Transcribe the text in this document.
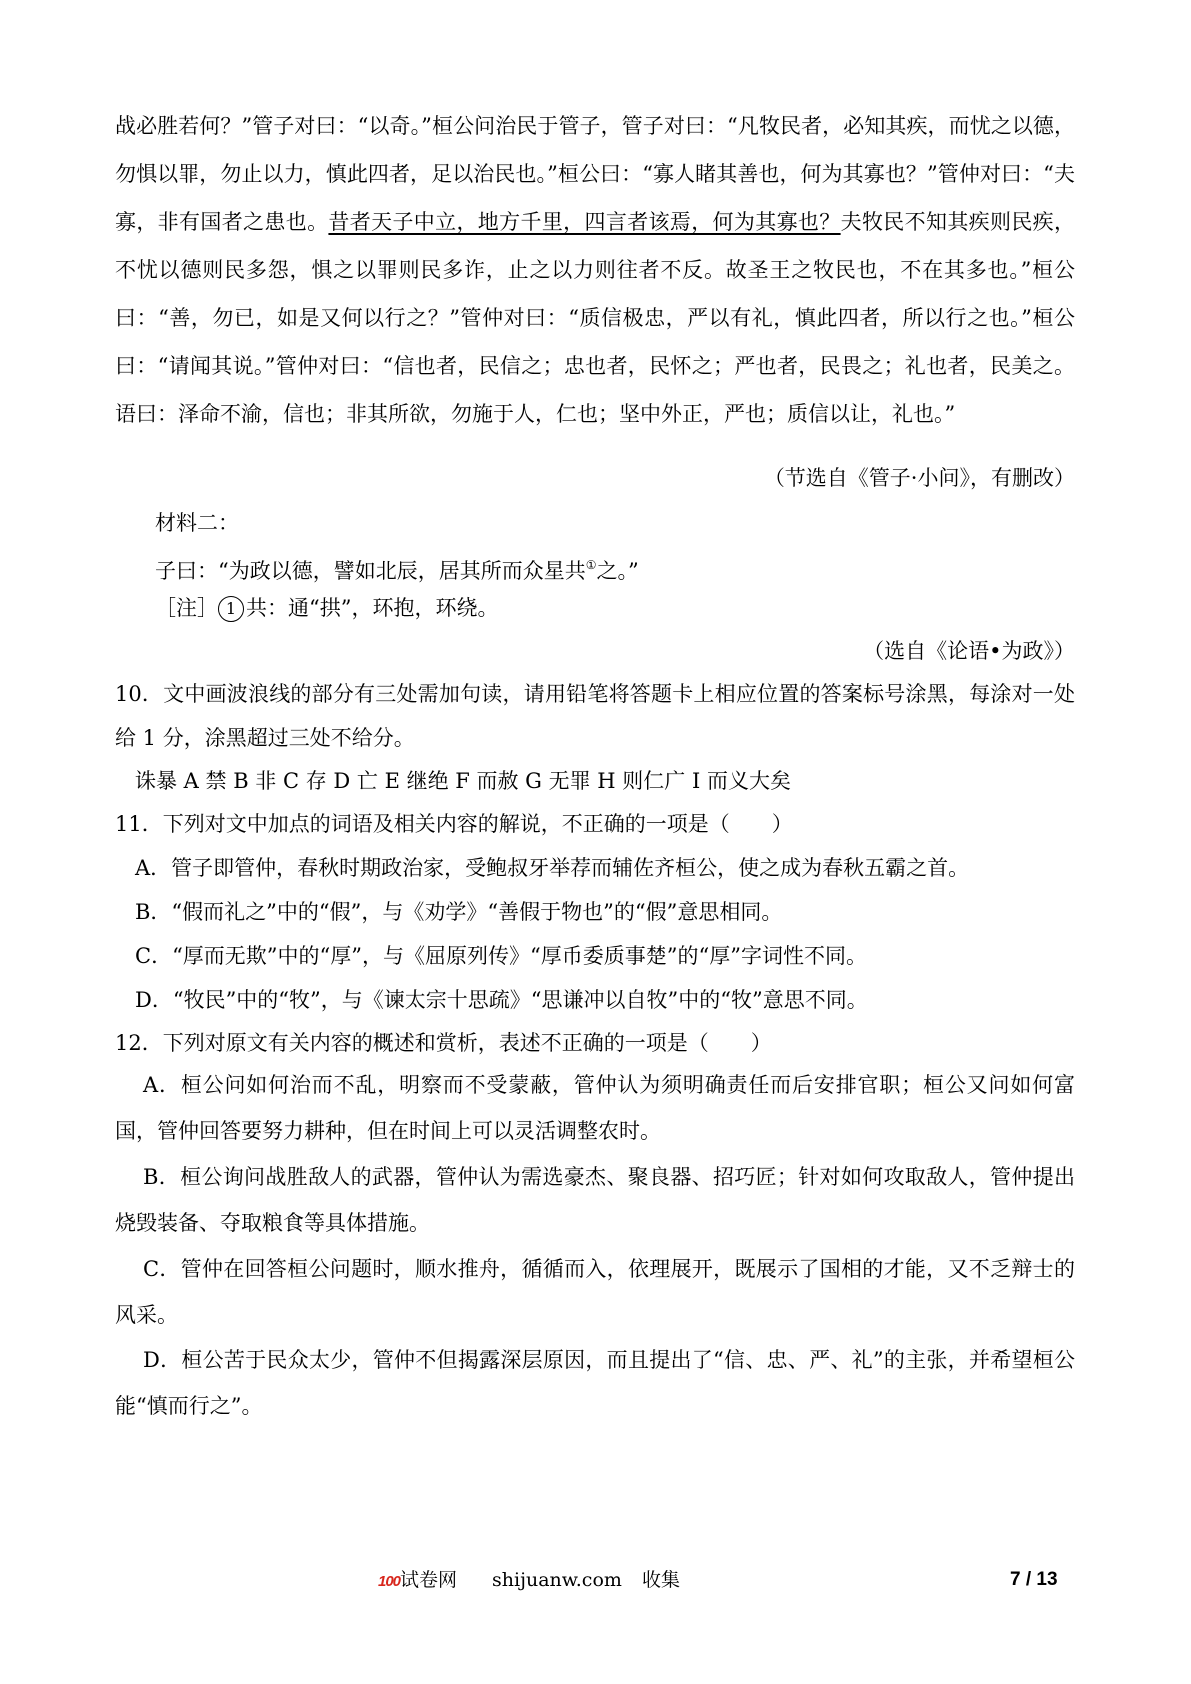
战必胜若何？”管子对曰：“以奇。”桓公问治民于管子，管子对曰：“凡牧 ·民者，必知其疾，而忧之以德，勿惧以罪，勿止以力，慎此四者，足以治民也。”桓公曰：“寡人睹其善也，何为其寡也？”管仲对曰：“夫寡，非有国者之患也。昔者天子中立，地方千里，四言者该焉，何为其寡也？夫牧民不知其疾则民疾，不忧以德则民多怨，惧之以罪则民多诈，止之以力则往者不反。故圣王之牧民也，不在其多也。”桓公曰：“善，勿已，如是又何以行之？”管仲对曰：“质信极忠，严以有礼，慎此四者，所以行之也。”桓公曰：“请闻其说。”管仲对曰：“信也者，民信之；忠也者，民怀之；严也者，民畏之；礼也者，民美之。语曰：泽命不渝，信也；非其所欲，勿施于人，仁也；坚中外正，严也；质信以让，礼也。”
（节选自《管子·小问》，有删改）
材料二：
子曰：“为政以德，譬如北辰，居其所而众星共①之。”
［注］ 1 共：通“拱”，环抱，环绕。
（选自《论语•为政》）
10．文中画波浪线的部分有三处需加句读，请用铅笔将答题卡上相应位置的答案标号涂黑，每涂对一处给 1 分，涂黑超过三处不给分。
诛暴 A 禁 B 非 C 存 D 亡 E 继绝 F 而赦 G 无罪 H 则仁广 I 而义大矣
11．下列对文中加点的词语及相关内容的解说，不正确的一项是（　　）
A．管子即管仲，春秋时期政治家，受鲍叔牙举荐而辅佐齐桓公，使之成为春秋五霸之首。
B．“假而礼之”中的“假”，与《劝学》“善假于物也”的“假”意思相同。
C．“厚而无欺”中的“厚”，与《屈原列传》“厚币委质事楚”的“厚”字词性不同。
D．“牧民”中的“牧”，与《谏太宗十思疏》“思谦冲以自牧”中的“牧”意思不同。
12．下列对原文有关内容的概述和赏析，表述不正确的一项是（　　）
A．桓公问如何治而不乱，明察而不受蒙蔽，管仲认为须明确责任而后安排官职；桓公又问如何富国，管仲回答要努力耕种，但在时间上可以灵活调整农时。
B．桓公询问战胜敌人的武器，管仲认为需选豪杰、聚良器、招巧匠；针对如何攻取敌人，管仲提出烧毁装备、夺取粮食等具体措施。
C．管仲在回答桓公问题时，顺水推舟，循循而入，依理展开，既展示了国相的才能，又不乏辩士的风采。
D．桓公苦于民众太少，管仲不但揭露深层原因，而且提出了“信、忠、严、礼”的主张，并希望桓公能“慎而行之”。
100试卷网 shijuanw.com 收集	7 / 13
